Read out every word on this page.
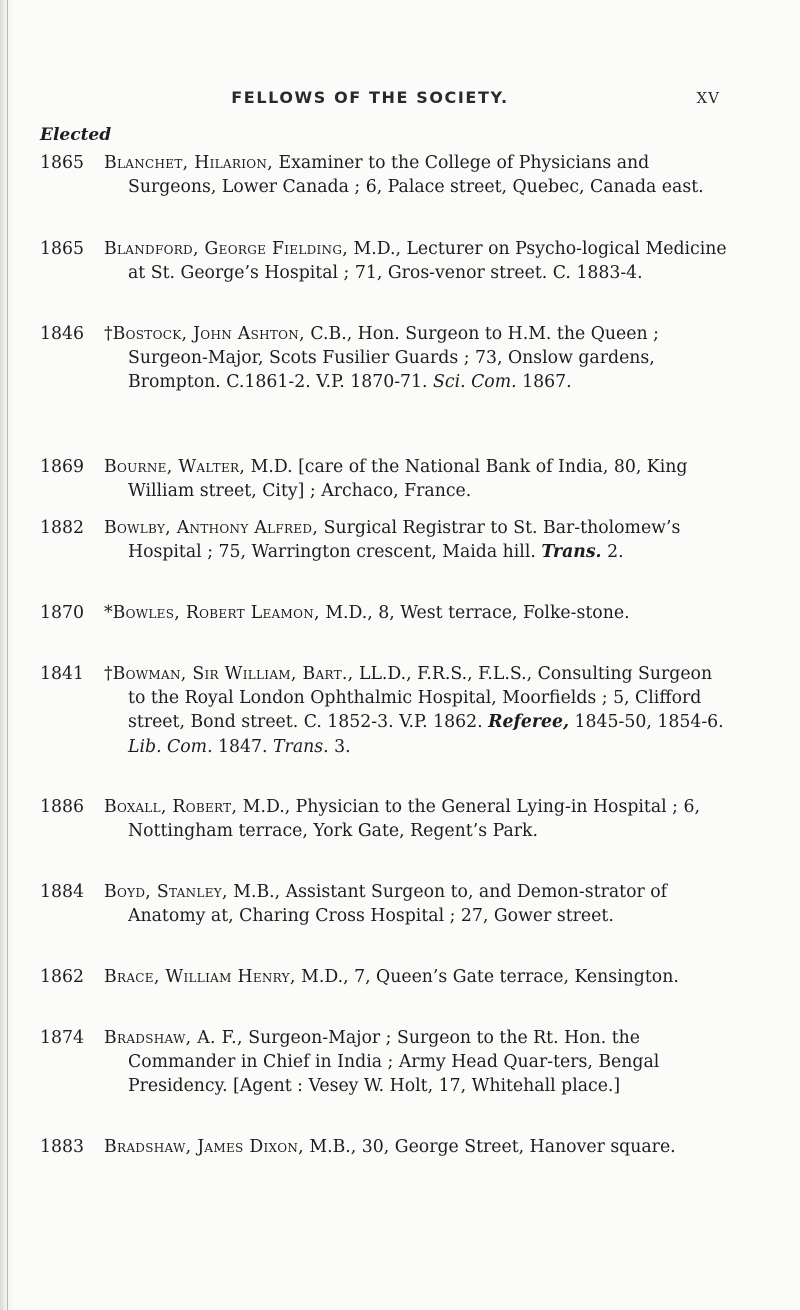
FELLOWS OF THE SOCIETY.	XV
Elected
1865	Blanchet, Hilarion, Examiner to the College of Physicians and Surgeons, Lower Canada ; 6, Palace street, Quebec, Canada east.
1865	Blandford, George Fielding, M.D., Lecturer on Psycho-logical Medicine at St. George’s Hospital ; 71, Gros-venor street. C. 1883-4.
1846	†Bostock, John Ashton, C.B., Hon. Surgeon to H.M. the Queen ; Surgeon-Major, Scots Fusilier Guards ; 73, Onslow gardens, Brompton. C.1861-2. V.P. 1870-71. Sci. Com. 1867.
1869	Bourne, Walter, M.D. [care of the National Bank of India, 80, King William street, City] ; Archaco, France.
1882	Bowlby, Anthony Alfred, Surgical Registrar to St. Bar-tholomew’s Hospital ; 75, Warrington crescent, Maida hill. Trans. 2.
1870	*Bowles, Robert Leamon, M.D., 8, West terrace, Folke-stone.
1841	†Bowman, Sir William, Bart., LL.D., F.R.S., F.L.S., Consulting Surgeon to the Royal London Ophthalmic Hospital, Moorfields ; 5, Clifford street, Bond street. C. 1852-3. V.P. 1862. Referee, 1845-50, 1854-6. Lib. Com. 1847. Trans. 3.
1886	Boxall, Robert, M.D., Physician to the General Lying-in Hospital ; 6, Nottingham terrace, York Gate, Regent’s Park.
1884	Boyd, Stanley, M.B., Assistant Surgeon to, and Demon-strator of Anatomy at, Charing Cross Hospital ; 27, Gower street.
1862	Brace, William Henry, M.D., 7, Queen’s Gate terrace, Kensington.
1874	Bradshaw, A. F., Surgeon-Major ; Surgeon to the Rt. Hon. the Commander in Chief in India ; Army Head Quar-ters, Bengal Presidency. [Agent : Vesey W. Holt, 17, Whitehall place.]
1883	Bradshaw, James Dixon, M.B., 30, George Street, Hanover square.
